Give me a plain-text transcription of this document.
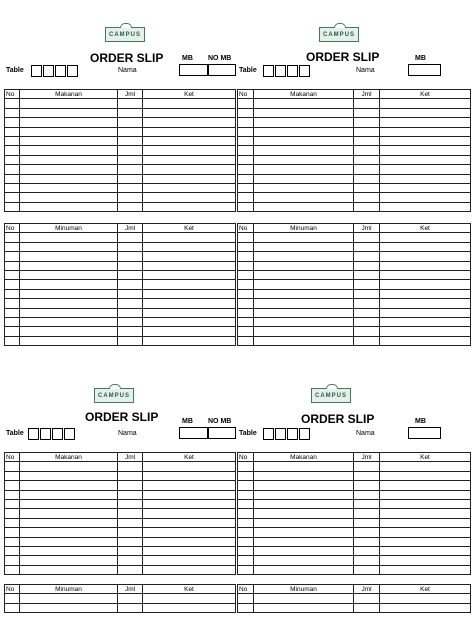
CAMPUS
ORDER SLIP	MB NO MB
Table	Nama
No	Makanan	Jml	Ket

No	Minuman	Jml	Ket

CAMPUS
ORDER SLIP	MB
Table	Nama
No	Makanan	Jml	Ket

No	Minuman	Jml	Ket

CAMPUS
ORDER SLIP	MB NO MB
Table	Nama
No	Makanan	Jml	Ket

No	Minuman	Jml	Ket

CAMPUS
ORDER SLIP	MB
Table	Nama
No	Makanan	Jml	Ket

No	Minuman	Jml	Ket
